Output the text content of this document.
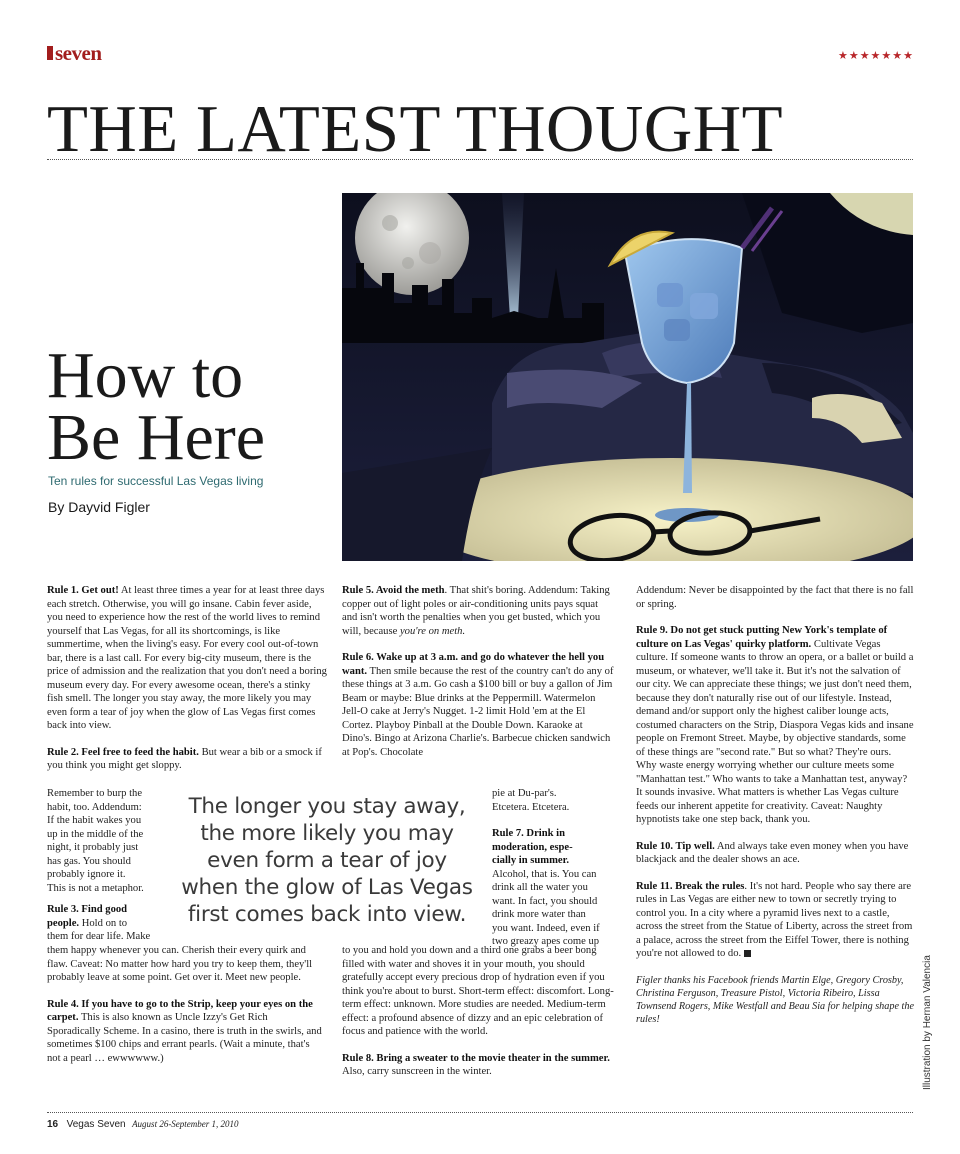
seven	★★★★★★★
THE LATEST THOUGHT
How to
Be Here
Ten rules for successful Las Vegas living
By Dayvid Figler
Illustration by Hernan Valencia

Rule 1. Get out! At least three times a year for at least three days each stretch. Otherwise, you will go insane. Cabin fever aside, you need to experience how the rest of the world lives to remind yourself that Las Vegas, for all its shortcomings, is like summertime, when the living's easy. For every cool out-of-town bar, there is a last call. For every big-city museum, there is the price of admission and the realization that you don't need a boring museum every day. For every awesome ocean, there's a stinky fish smell. The longer you stay away, the more likely you may even form a tear of joy when the glow of Las Vegas first comes back into view.

Rule 2. Feel free to feed the habit. But wear a bib or a smock if you think you might get sloppy.

Remember to burp the
habit, too. Addendum:
If the habit wakes you
up in the middle of the
night, it probably just
has gas. You should
probably ignore it.
This is not a metaphor.
Rule 3. Find good
people. Hold on to
them for dear life. Make

them happy whenever you can. Cherish their every quirk and flaw. Caveat: No matter how hard you try to keep them, they'll probably leave at some point. Get over it. Meet new people.

Rule 4. If you have to go to the Strip, keep your eyes on the carpet. This is also known as Uncle Izzy's Get Rich Sporadically Scheme. In a casino, there is truth in the swirls, and sometimes $100 chips and errant pearls. (Wait a minute, that's not a pearl … ewwwwww.)

Rule 5. Avoid the meth. That shit's boring. Addendum: Taking copper out of light poles or air-conditioning units pays squat and isn't worth the penalties when you get busted, which you will, because you're on meth.

Rule 6. Wake up at 3 a.m. and go do whatever the hell you want. Then smile because the rest of the country can't do any of these things at 3 a.m. Go cash a $100 bill or buy a gallon of Jim Beam or maybe: Blue drinks at the Peppermill. Watermelon Jell-O cake at Jerry's Nugget. 1-2 limit Hold 'em at the El Cortez. Playboy Pinball at the Double Down. Karaoke at Dino's. Bingo at Arizona Charlie's. Barbecue chicken sandwich at Pop's. Chocolate

pie at Du-par's.
Etcetera. Etcetera.
Rule 7. Drink in
moderation, espe-
cially in summer.
Alcohol, that is. You can
drink all the water you
want. In fact, you should
drink more water than
you want. Indeed, even if
two greazy apes come up

to you and hold you down and a third one grabs a beer bong filled with water and shoves it in your mouth, you should gratefully accept every precious drop of hydration even if you think you're about to burst. Short-term effect: discomfort. Long-term effect: unknown. More studies are needed. Medium-term effect: a profound absence of dizzy and an epic celebration of focus and patience with the world.

Rule 8. Bring a sweater to the movie theater in the summer. Also, carry sunscreen in the winter.

The longer you stay away,
the more likely you may
even form a tear of joy
when the glow of Las Vegas
first comes back into view.

Addendum: Never be disappointed by the fact that there is no fall or spring.

Rule 9. Do not get stuck putting New York's template of culture on Las Vegas' quirky platform. Cultivate Vegas culture. If someone wants to throw an opera, or a ballet or build a museum, or whatever, we'll take it. But it's not the salvation of our city. We can appreciate these things; we just don't need them, because they don't naturally rise out of our lifestyle. Instead, demand and/or support only the highest caliber lounge acts, costumed characters on the Strip, Diaspora Vegas kids and insane people on Fremont Street. Maybe, by objective standards, some of these things are "second rate." But so what? They're ours. Why waste energy worrying whether our culture meets some "Manhattan test." Who wants to take a Manhattan test, anyway? It sounds invasive. What matters is whether Las Vegas culture feeds our inherent appetite for creativity. Caveat: Naughty hypnotists take one step back, thank you.

Rule 10. Tip well. And always take even money when you have blackjack and the dealer shows an ace.

Rule 11. Break the rules. It's not hard. People who say there are rules in Las Vegas are either new to town or secretly trying to control you. In a city where a pyramid lives next to a castle, across the street from the Statue of Liberty, across the street from a palace, across the street from the Eiffel Tower, there is nothing you're not allowed to do.

Figler thanks his Facebook friends Martin Elge, Gregory Crosby, Christina Ferguson, Treasure Pistol, Victoria Ribeiro, Lissa Townsend Rogers, Mike Westfall and Beau Sia for helping shape the rules!

16 Vegas Seven August 26-September 1, 2010
